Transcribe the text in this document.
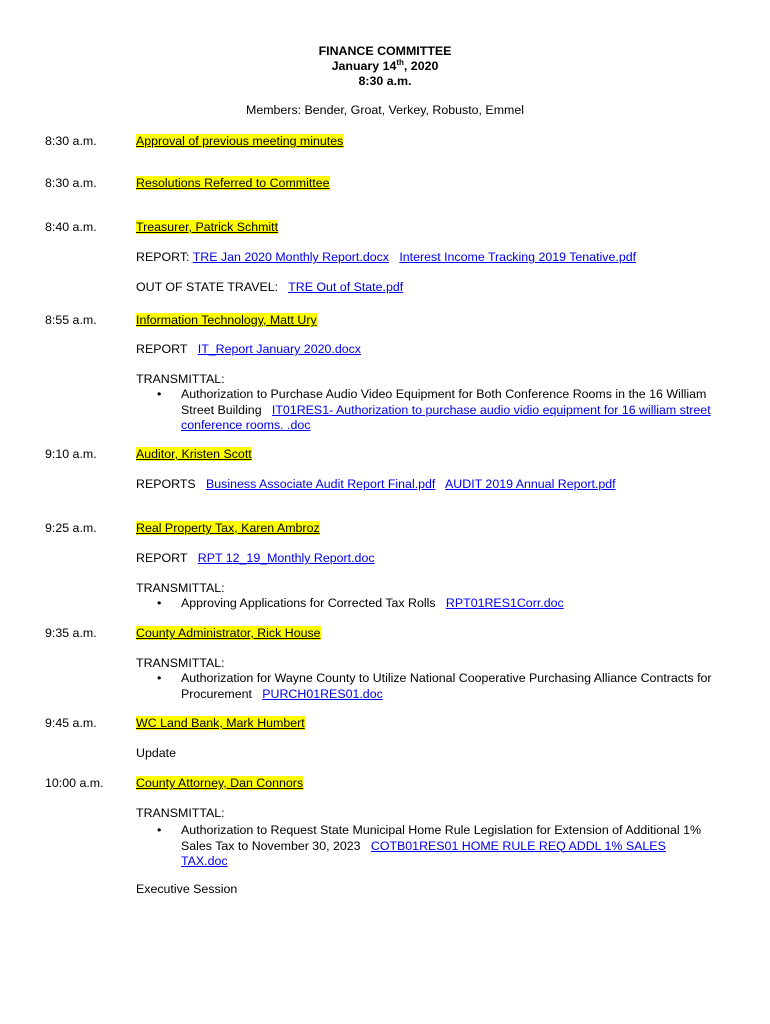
FINANCE COMMITTEE
January 14th, 2020
8:30 a.m.
Members: Bender, Groat, Verkey, Robusto, Emmel
8:30 a.m.	Approval of previous meeting minutes
8:30 a.m.	Resolutions Referred to Committee
8:40 a.m.	Treasurer, Patrick Schmitt
REPORT: TRE Jan 2020 Monthly Report.docx Interest Income Tracking 2019 Tenative.pdf
OUT OF STATE TRAVEL: TRE Out of State.pdf
8:55 a.m.	Information Technology, Matt Ury
REPORT IT_Report January 2020.docx
TRANSMITTAL:
• Authorization to Purchase Audio Video Equipment for Both Conference Rooms in the 16 William Street Building IT01RES1- Authorization to purchase audio vidio equipment for 16 william street conference rooms. .doc
9:10 a.m.	Auditor, Kristen Scott
REPORTS Business Associate Audit Report Final.pdf AUDIT 2019 Annual Report.pdf
9:25 a.m.	Real Property Tax, Karen Ambroz
REPORT RPT 12_19_Monthly Report.doc
TRANSMITTAL:
• Approving Applications for Corrected Tax Rolls RPT01RES1Corr.doc
9:35 a.m.	County Administrator, Rick House
TRANSMITTAL:
• Authorization for Wayne County to Utilize National Cooperative Purchasing Alliance Contracts for Procurement PURCH01RES01.doc
9:45 a.m.	WC Land Bank, Mark Humbert
Update
10:00 a.m.	County Attorney, Dan Connors
TRANSMITTAL:
• Authorization to Request State Municipal Home Rule Legislation for Extension of Additional 1% Sales Tax to November 30, 2023 COTB01RES01 HOME RULE REQ ADDL 1% SALES TAX.doc
Executive Session
